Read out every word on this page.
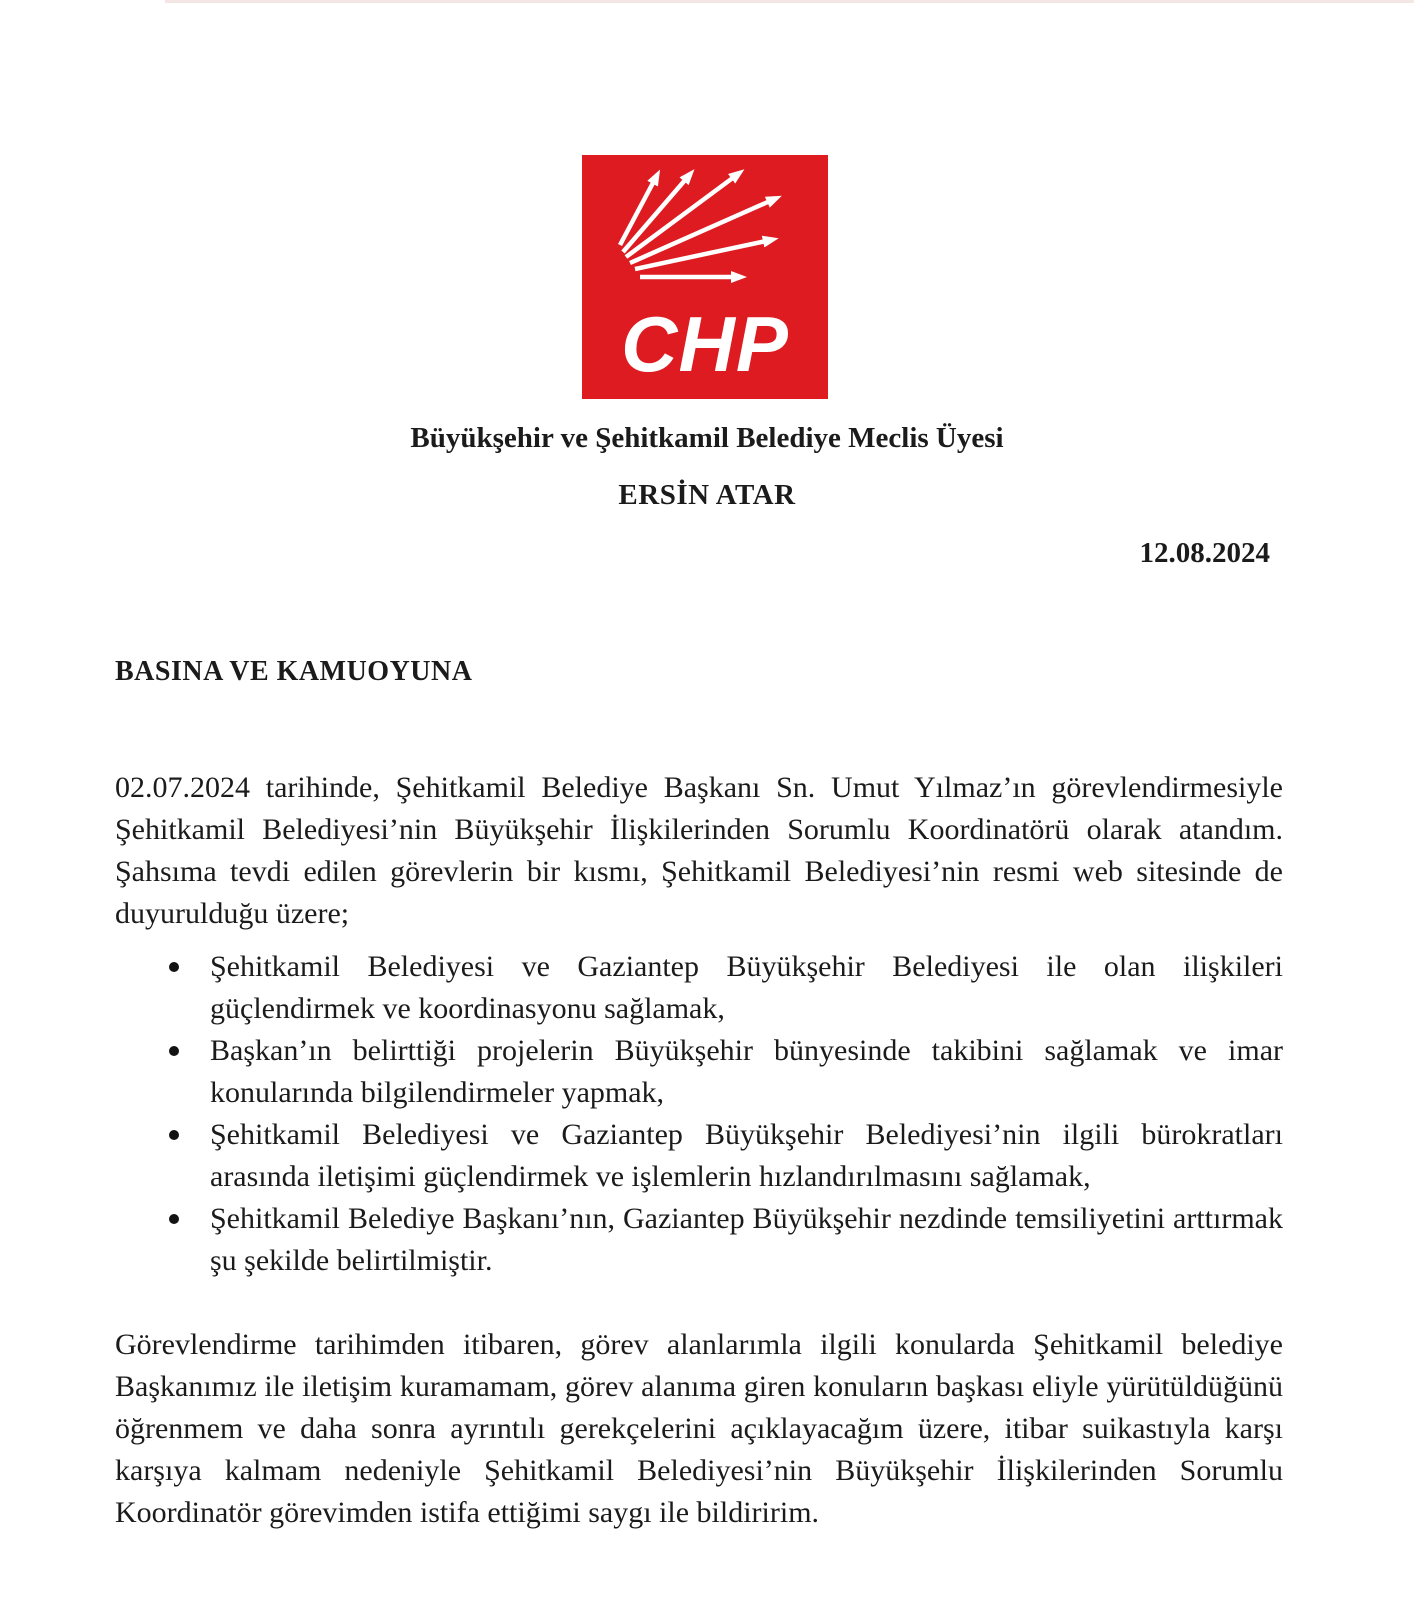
CHP
Büyükşehir ve Şehitkamil Belediye Meclis Üyesi
ERSİN ATAR
12.08.2024
BASINA VE KAMUOYUNA

02.07.2024 tarihinde, Şehitkamil Belediye Başkanı Sn. Umut Yılmaz’ın görevlendirmesiyle Şehitkamil Belediyesi’nin Büyükşehir İlişkilerinden Sorumlu Koordinatörü olarak atandım. Şahsıma tevdi edilen görevlerin bir kısmı, Şehitkamil Belediyesi’nin resmi web sitesinde de duyurulduğu üzere;

Şehitkamil Belediyesi ve Gaziantep Büyükşehir Belediyesi ile olan ilişkileri güçlendirmek ve koordinasyonu sağlamak,
Başkan’ın belirttiği projelerin Büyükşehir bünyesinde takibini sağlamak ve imar konularında bilgilendirmeler yapmak,
Şehitkamil Belediyesi ve Gaziantep Büyükşehir Belediyesi’nin ilgili bürokratları arasında iletişimi güçlendirmek ve işlemlerin hızlandırılmasını sağlamak,
Şehitkamil Belediye Başkanı’nın, Gaziantep Büyükşehir nezdinde temsiliyetini arttırmak şu şekilde belirtilmiştir.

Görevlendirme tarihimden itibaren, görev alanlarımla ilgili konularda Şehitkamil belediye Başkanımız ile iletişim kuramamam, görev alanıma giren konuların başkası eliyle yürütüldüğünü öğrenmem ve daha sonra ayrıntılı gerekçelerini açıklayacağım üzere, itibar suikastıyla karşı karşıya kalmam nedeniyle Şehitkamil Belediyesi’nin Büyükşehir İlişkilerinden Sorumlu Koordinatör görevimden istifa ettiğimi saygı ile bildiririm.
